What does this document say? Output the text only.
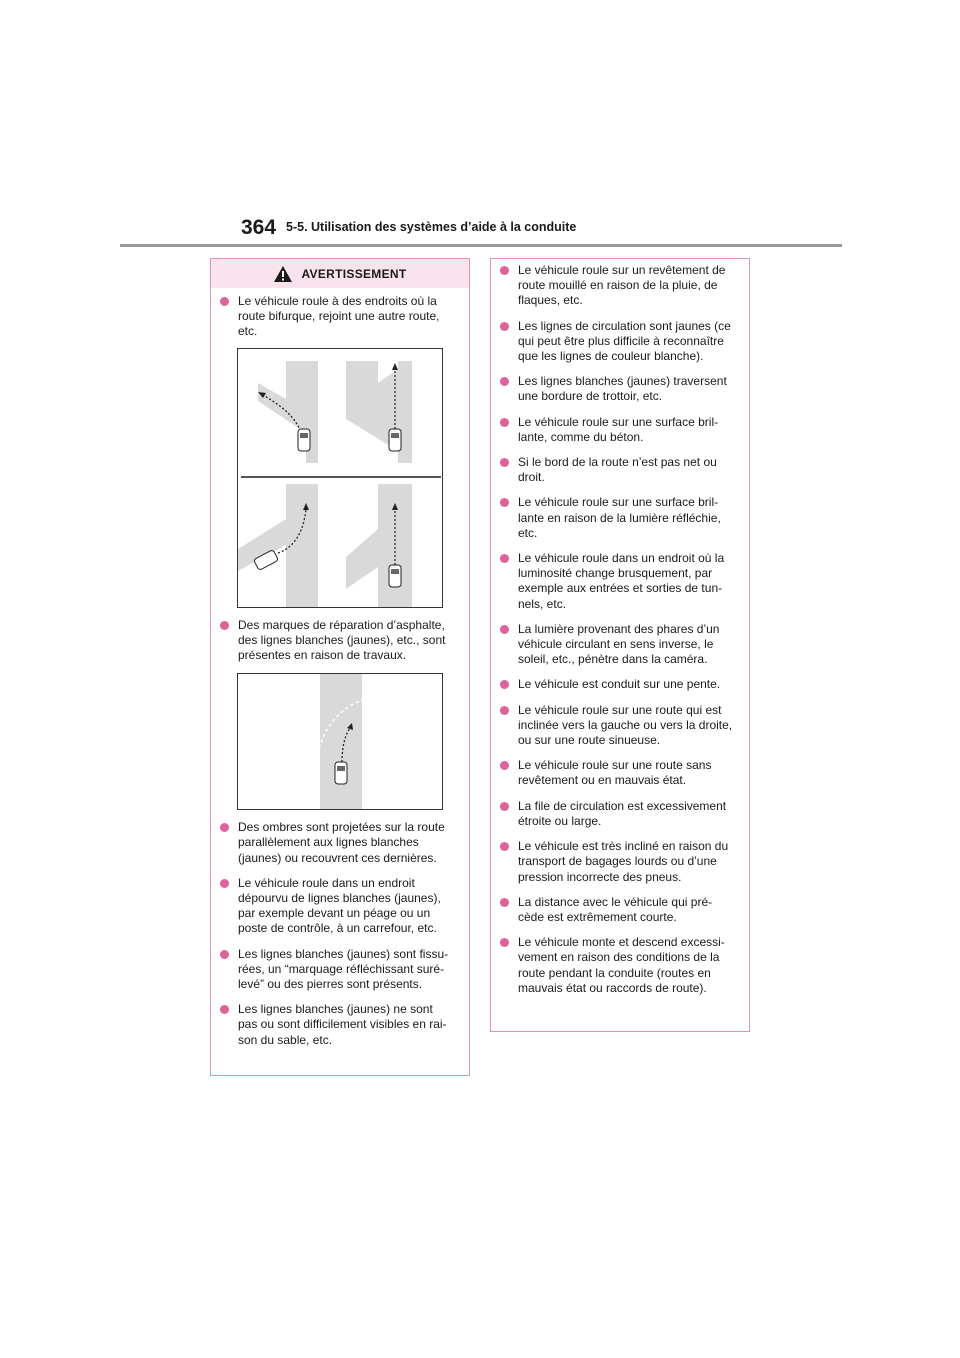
364 5-5. Utilisation des systèmes d’aide à la conduite
AVERTISSEMENT
Le véhicule roule à des endroits où la
route bifurque, rejoint une autre route,
etc.
Des marques de réparation d’asphalte,
des lignes blanches (jaunes), etc., sont
présentes en raison de travaux.
Des ombres sont projetées sur la route
parallèlement aux lignes blanches
(jaunes) ou recouvrent ces dernières.
Le véhicule roule dans un endroit
dépourvu de lignes blanches (jaunes),
par exemple devant un péage ou un
poste de contrôle, à un carrefour, etc.
Les lignes blanches (jaunes) sont fissu-
rées, un “marquage réfléchissant suré-
levé” ou des pierres sont présents.
Les lignes blanches (jaunes) ne sont
pas ou sont difficilement visibles en rai-
son du sable, etc.
Le véhicule roule sur un revêtement de
route mouillé en raison de la pluie, de
flaques, etc.
Les lignes de circulation sont jaunes (ce
qui peut être plus difficile à reconnaître
que les lignes de couleur blanche).
Les lignes blanches (jaunes) traversent
une bordure de trottoir, etc.
Le véhicule roule sur une surface bril-
lante, comme du béton.
Si le bord de la route n’est pas net ou
droit.
Le véhicule roule sur une surface bril-
lante en raison de la lumière réfléchie,
etc.
Le véhicule roule dans un endroit où la
luminosité change brusquement, par
exemple aux entrées et sorties de tun-
nels, etc.
La lumière provenant des phares d’un
véhicule circulant en sens inverse, le
soleil, etc., pénètre dans la caméra.
Le véhicule est conduit sur une pente.
Le véhicule roule sur une route qui est
inclinée vers la gauche ou vers la droite,
ou sur une route sinueuse.
Le véhicule roule sur une route sans
revêtement ou en mauvais état.
La file de circulation est excessivement
étroite ou large.
Le véhicule est très incliné en raison du
transport de bagages lourds ou d’une
pression incorrecte des pneus.
La distance avec le véhicule qui pré-
cède est extrêmement courte.
Le véhicule monte et descend excessi-
vement en raison des conditions de la
route pendant la conduite (routes en
mauvais état ou raccords de route).
